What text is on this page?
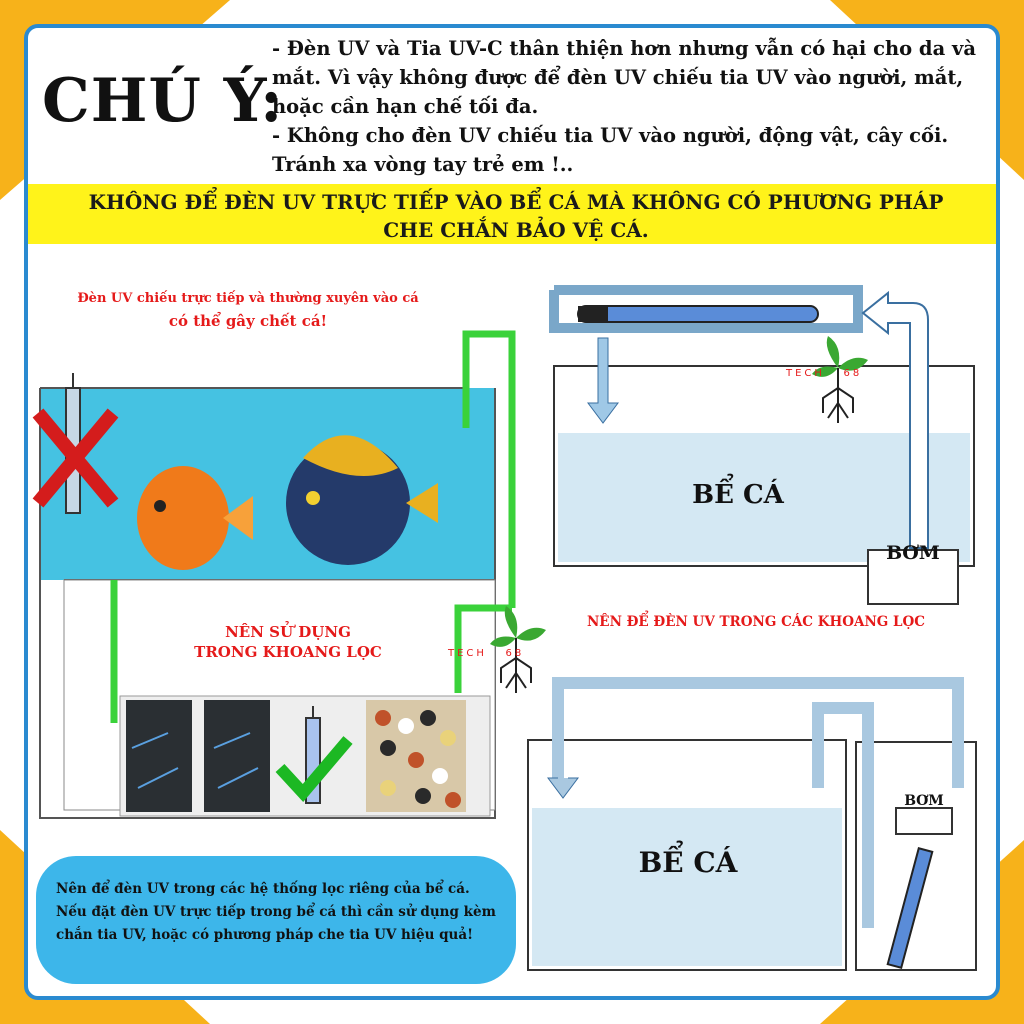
CHÚ Ý:

- Đèn UV và Tia UV-C thân thiện hơn nhưng vẫn có hại cho da và mắt. Vì vậy không được để đèn UV chiếu tia UV vào người, mắt, hoặc cần hạn chế tối đa.

- Không cho đèn UV chiếu tia UV vào người, động vật, cây cối. Tránh xa vòng tay trẻ em !..

KHÔNG ĐỂ ĐÈN UV TRỰC TIẾP VÀO BỂ CÁ MÀ KHÔNG CÓ PHƯƠNG PHÁP
CHE CHẮN BẢO VỆ CÁ.
Đèn UV chiếu trực tiếp và thường xuyên vào cá
có thể gây chết cá!
NÊN SỬ DỤNG
TRONG KHOANG LỌC
BỂ CÁ
BƠM
NÊN ĐỂ ĐÈN UV TRONG CÁC KHOANG LỌC
BỂ CÁ
BƠM
TECH 68
TECH 68

Nên để đèn UV trong các hệ thống lọc riêng của bể cá.

Nếu đặt đèn UV trực tiếp trong bể cá thì cần sử dụng kèm

chắn tia UV, hoặc có phương pháp che tia UV hiệu quả!
